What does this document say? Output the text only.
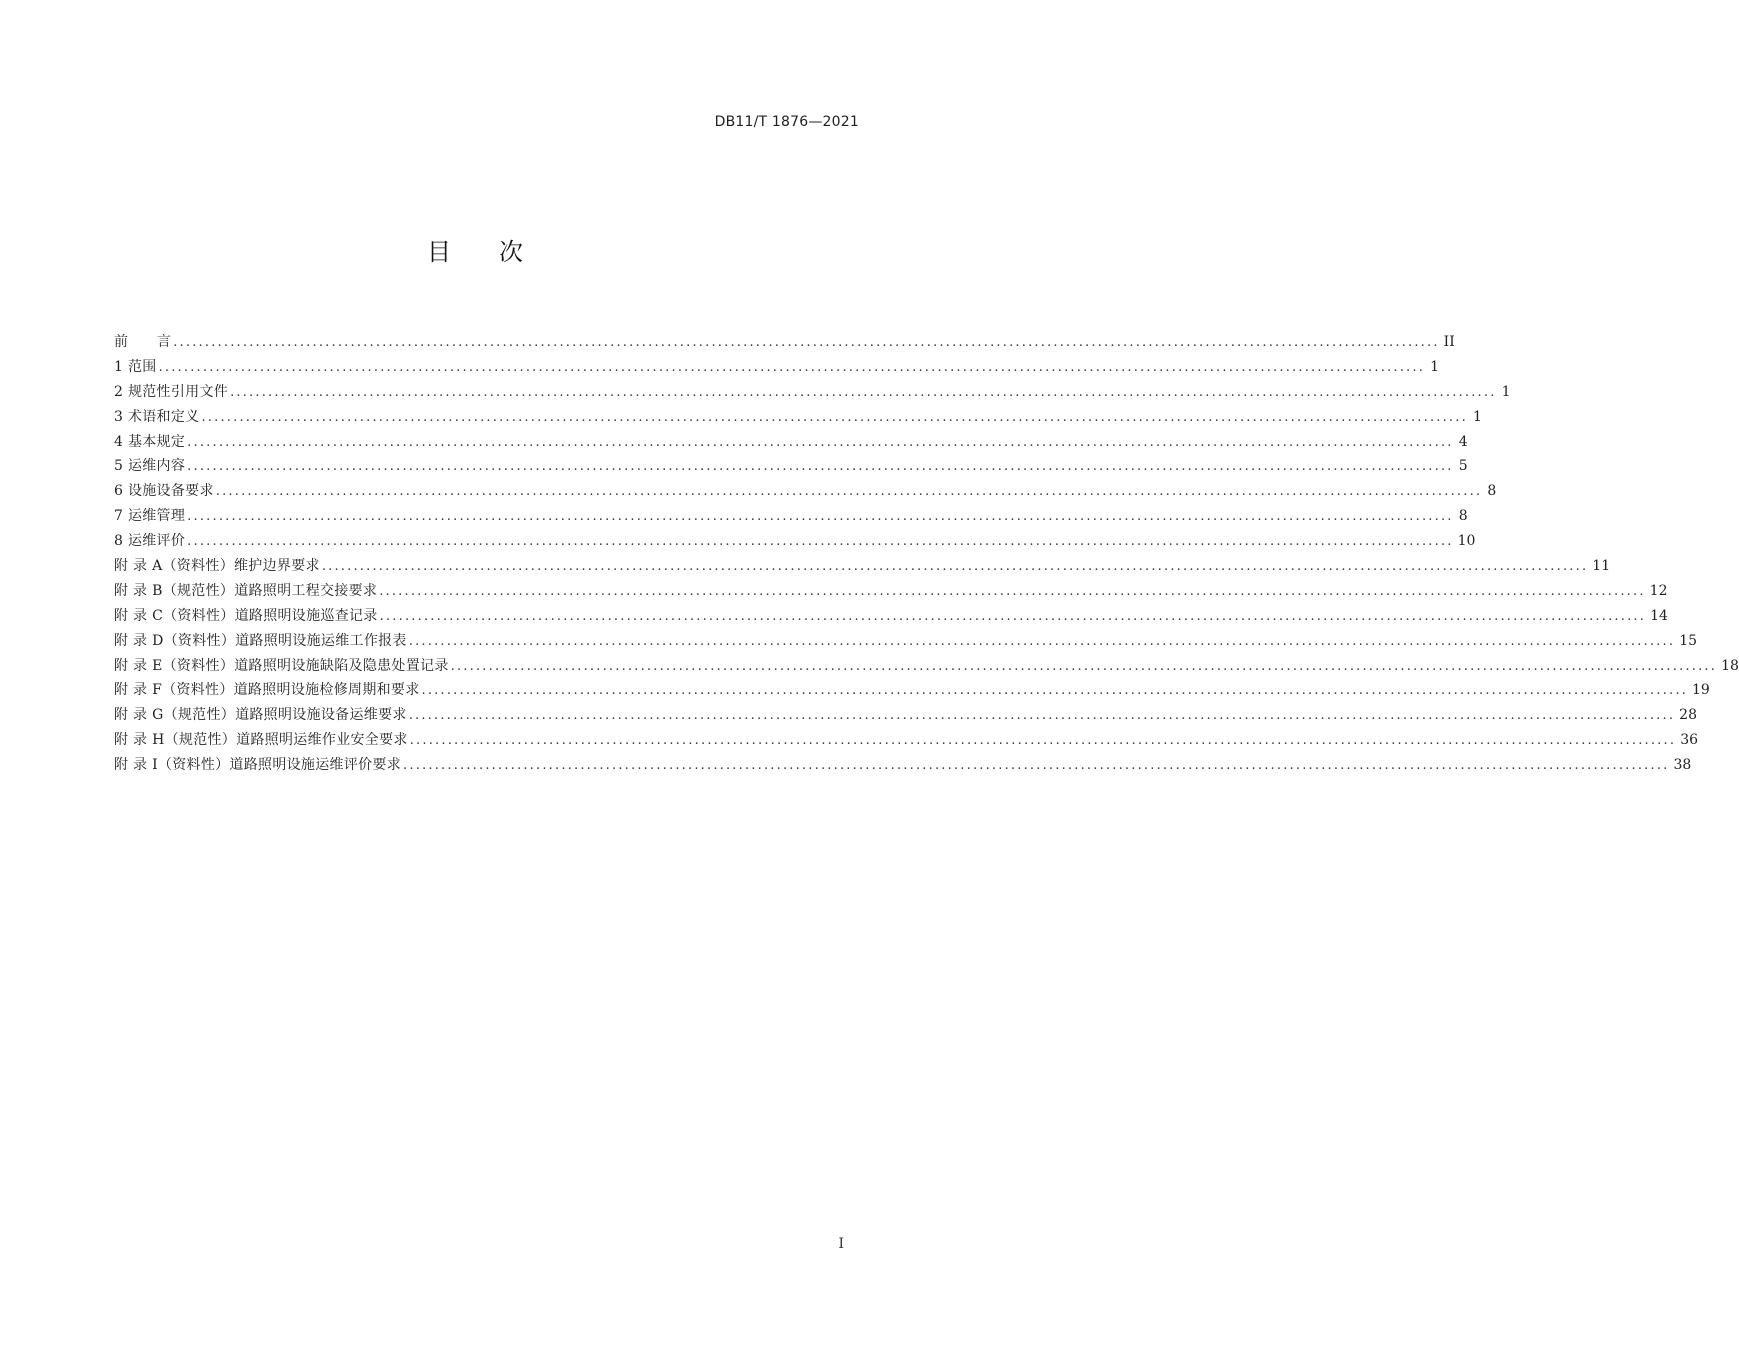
DB11/T 1876—2021
目 次
前　　言 ........................................................................................................................................................................................................ II
1 范围 ........................................................................................................................................................................................................ 1
2 规范性引用文件 ........................................................................................................................................................................................................ 1
3 术语和定义 ........................................................................................................................................................................................................ 1
4 基本规定 ........................................................................................................................................................................................................ 4
5 运维内容 ........................................................................................................................................................................................................ 5
6 设施设备要求 ........................................................................................................................................................................................................ 8
7 运维管理 ........................................................................................................................................................................................................ 8
8 运维评价 ........................................................................................................................................................................................................ 10
附 录 A（资料性）维护边界要求 ........................................................................................................................................................................................................ 11
附 录 B（规范性）道路照明工程交接要求 ........................................................................................................................................................................................................ 12
附 录 C（资料性）道路照明设施巡查记录 ........................................................................................................................................................................................................ 14
附 录 D（资料性）道路照明设施运维工作报表 ........................................................................................................................................................................................................ 15
附 录 E（资料性）道路照明设施缺陷及隐患处置记录 ........................................................................................................................................................................................................ 18
附 录 F（资料性）道路照明设施检修周期和要求 ........................................................................................................................................................................................................ 19
附 录 G（规范性）道路照明设施设备运维要求 ........................................................................................................................................................................................................ 28
附 录 H（规范性）道路照明运维作业安全要求 ........................................................................................................................................................................................................ 36
附 录 I（资料性）道路照明设施运维评价要求 ........................................................................................................................................................................................................ 38
I
